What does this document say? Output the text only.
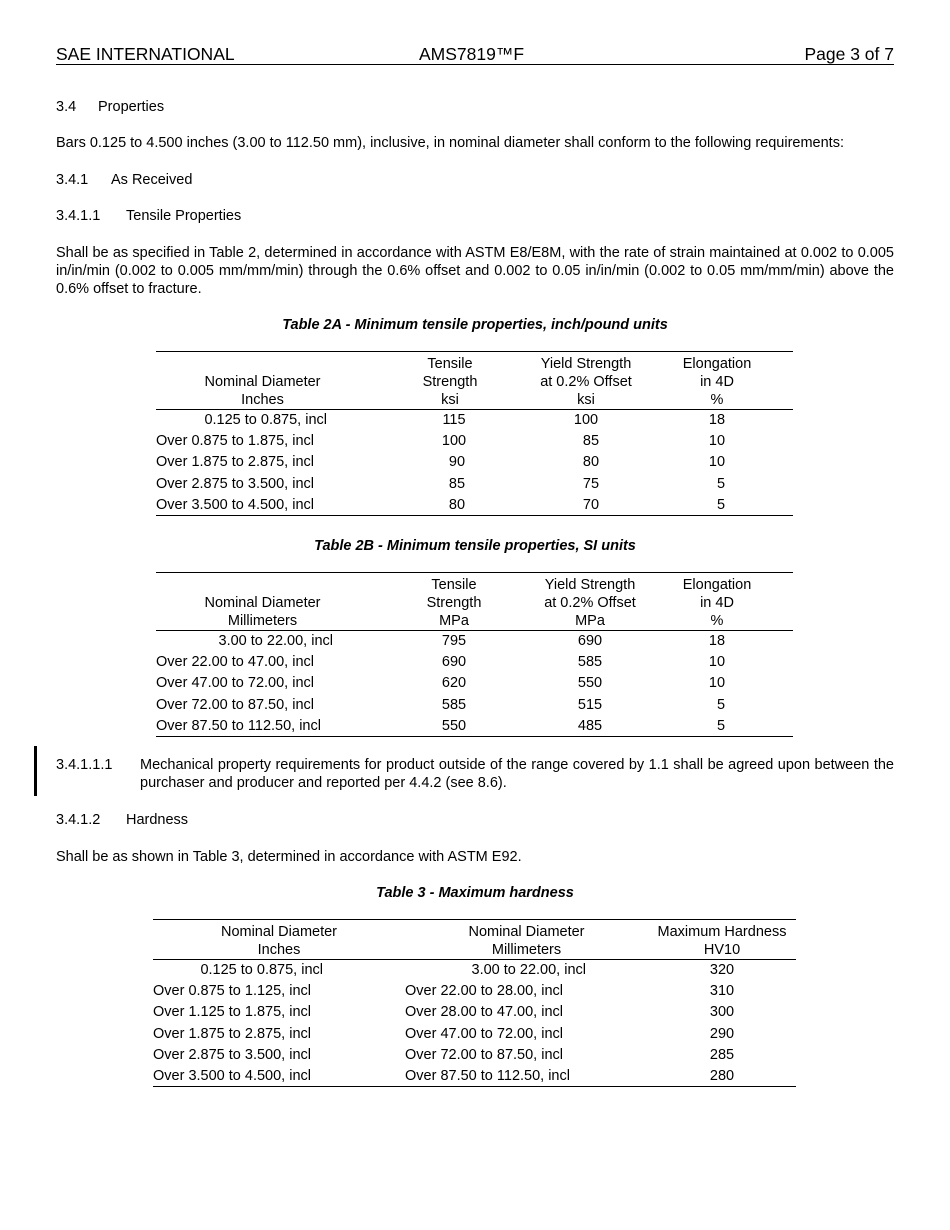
SAE INTERNATIONAL	AMS7819™F	Page 3 of 7
3.4 Properties
Bars 0.125 to 4.500 inches (3.00 to 112.50 mm), inclusive, in nominal diameter shall conform to the following requirements:
3.4.1 As Received
3.4.1.1 Tensile Properties
Shall be as specified in Table 2, determined in accordance with ASTM E8/E8M, with the rate of strain maintained at 0.002 to 0.005 in/in/min (0.002 to 0.005 mm/mm/min) through the 0.6% offset and 0.002 to 0.05 in/in/min (0.002 to 0.05 mm/mm/min) above the 0.6% offset to fracture.
Table 2A - Minimum tensile properties, inch/pound units
	Tensile	Yield Strength	Elongation
Nominal Diameter	Strength	at 0.2% Offset	in 4D
Inches	ksi	ksi	%
0.125 to 0.875, incl	115	100	18
Over 0.875 to 1.875, incl	100	85	10
Over 1.875 to 2.875, incl	90	80	10
Over 2.875 to 3.500, incl	85	75	5
Over 3.500 to 4.500, incl	80	70	5
Table 2B - Minimum tensile properties, SI units
	Tensile	Yield Strength	Elongation
Nominal Diameter	Strength	at 0.2% Offset	in 4D
Millimeters	MPa	MPa	%
3.00 to 22.00, incl	795	690	18
Over 22.00 to 47.00, incl	690	585	10
Over 47.00 to 72.00, incl	620	550	10
Over 72.00 to 87.50, incl	585	515	5
Over 87.50 to 112.50, incl	550	485	5
3.4.1.1.1 Mechanical property requirements for product outside of the range covered by 1.1 shall be agreed upon between the purchaser and producer and reported per 4.4.2 (see 8.6).
3.4.1.2 Hardness
Shall be as shown in Table 3, determined in accordance with ASTM E92.
Table 3 - Maximum hardness
Nominal Diameter	Nominal Diameter	Maximum Hardness
Inches	Millimeters	HV10
0.125 to 0.875, incl	3.00 to 22.00, incl	320
Over 0.875 to 1.125, incl	Over 22.00 to 28.00, incl	310
Over 1.125 to 1.875, incl	Over 28.00 to 47.00, incl	300
Over 1.875 to 2.875, incl	Over 47.00 to 72.00, incl	290
Over 2.875 to 3.500, incl	Over 72.00 to 87.50, incl	285
Over 3.500 to 4.500, incl	Over 87.50 to 112.50, incl	280
